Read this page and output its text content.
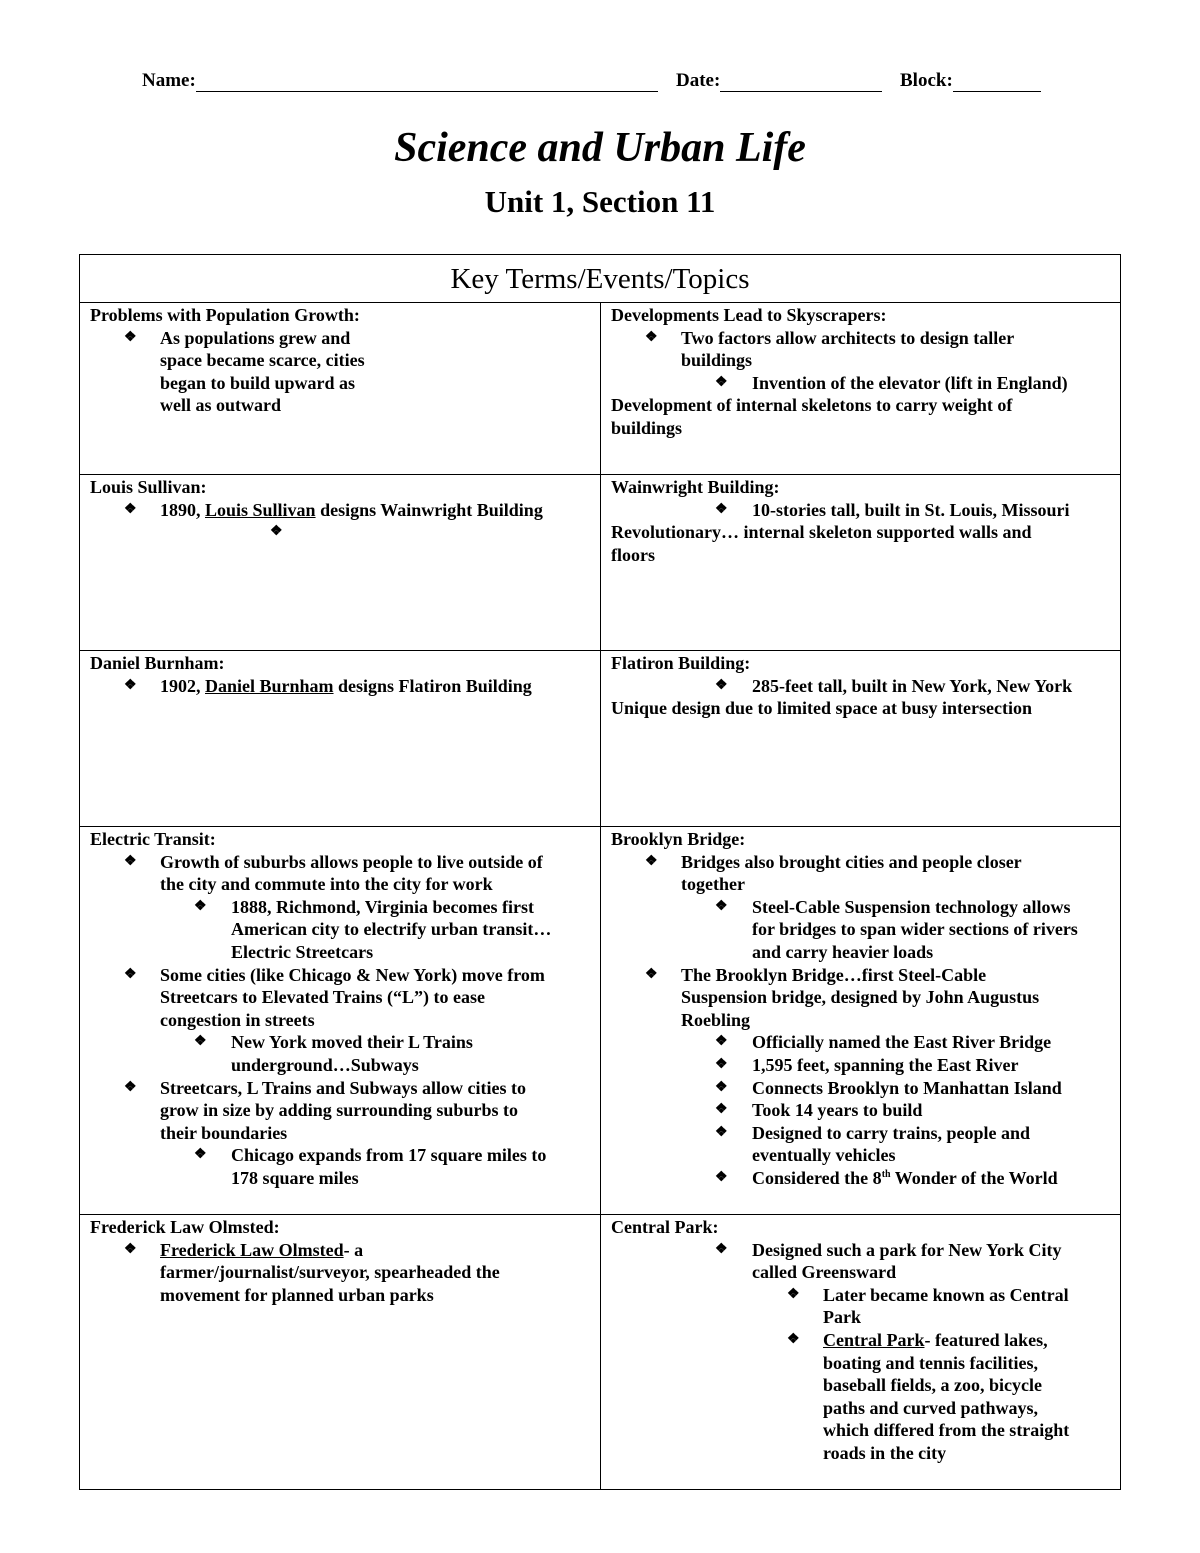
Name:	Date:	Block:
Science and Urban Life
Unit 1, Section 11
Key Terms/Events/Topics
Problems with Population Growth:
❖ As populations grew and
space became scarce, cities
began to build upward as
well as outward
Developments Lead to Skyscrapers:
❖ Two factors allow architects to design taller
buildings
❖ Invention of the elevator (lift in England)
Development of internal skeletons to carry weight of
buildings
Louis Sullivan:
❖ 1890, Louis Sullivan designs Wainwright Building
❖
Wainwright Building:
❖ 10-stories tall, built in St. Louis, Missouri
Revolutionary… internal skeleton supported walls and
floors
Daniel Burnham:
❖ 1902, Daniel Burnham designs Flatiron Building
Flatiron Building:
❖ 285-feet tall, built in New York, New York
Unique design due to limited space at busy intersection
Electric Transit:
❖ Growth of suburbs allows people to live outside of
the city and commute into the city for work
❖ 1888, Richmond, Virginia becomes first
American city to electrify urban transit…
Electric Streetcars
❖ Some cities (like Chicago & New York) move from
Streetcars to Elevated Trains (“L”) to ease
congestion in streets
❖ New York moved their L Trains
underground…Subways
❖ Streetcars, L Trains and Subways allow cities to
grow in size by adding surrounding suburbs to
their boundaries
❖ Chicago expands from 17 square miles to
178 square miles
Brooklyn Bridge:
❖ Bridges also brought cities and people closer
together
❖ Steel-Cable Suspension technology allows
for bridges to span wider sections of rivers
and carry heavier loads
❖ The Brooklyn Bridge…first Steel-Cable
Suspension bridge, designed by John Augustus
Roebling
❖ Officially named the East River Bridge
❖ 1,595 feet, spanning the East River
❖ Connects Brooklyn to Manhattan Island
❖ Took 14 years to build
❖ Designed to carry trains, people and
eventually vehicles
❖ Considered the 8th Wonder of the World
Frederick Law Olmsted:
❖ Frederick Law Olmsted- a
farmer/journalist/surveyor, spearheaded the
movement for planned urban parks
Central Park:
❖ Designed such a park for New York City
called Greensward
❖ Later became known as Central
Park
❖ Central Park- featured lakes,
boating and tennis facilities,
baseball fields, a zoo, bicycle
paths and curved pathways,
which differed from the straight
roads in the city
